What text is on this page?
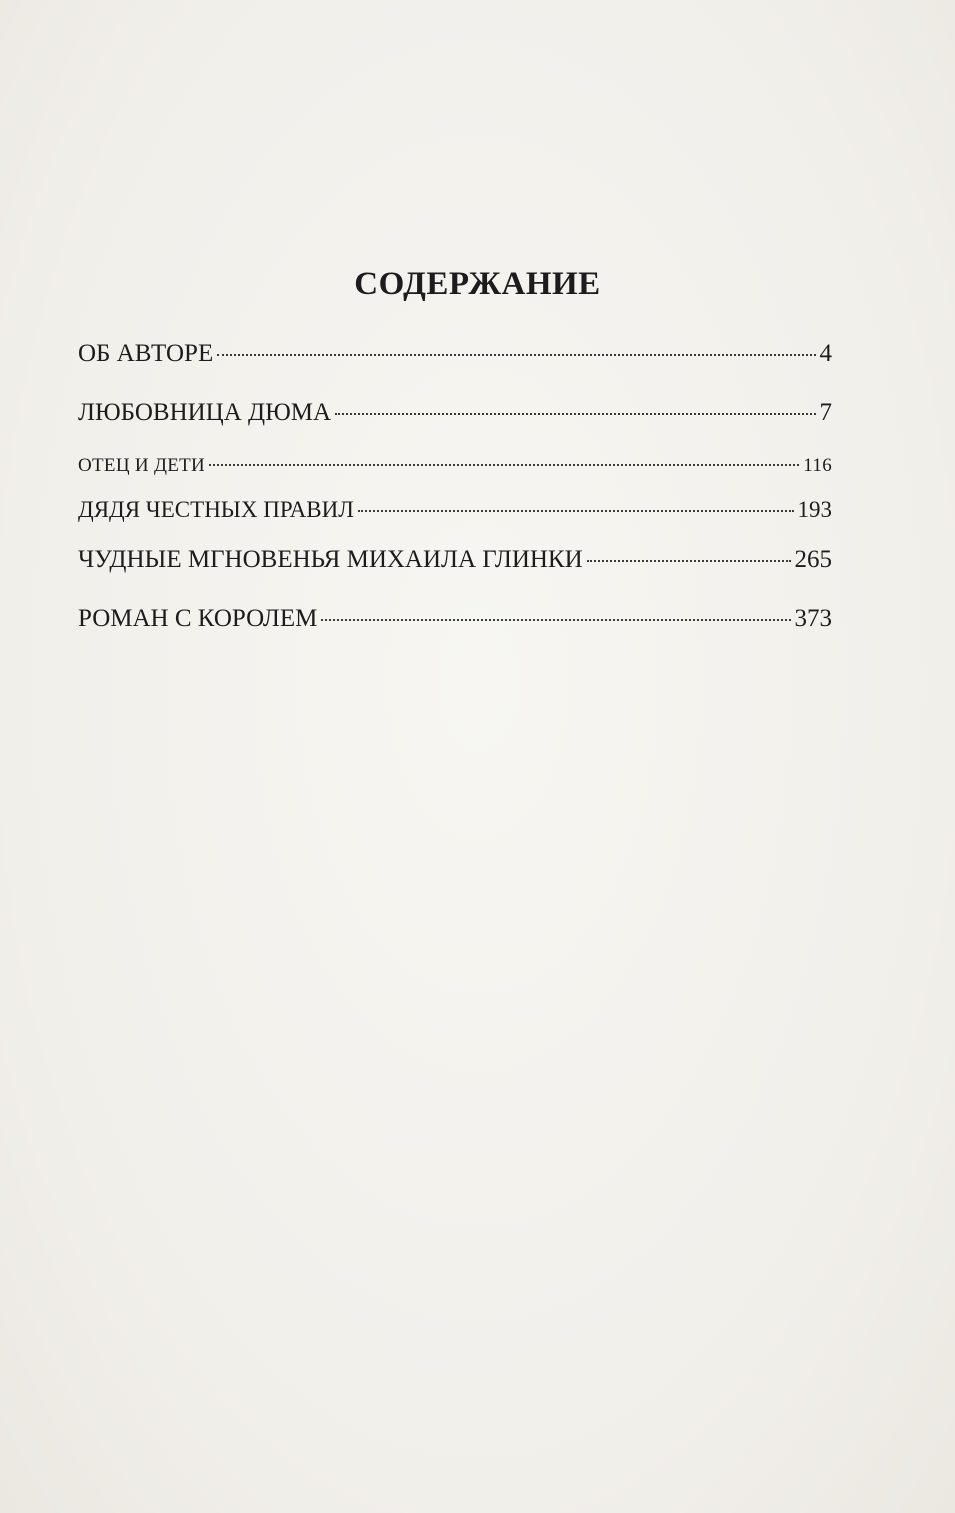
СОДЕРЖАНИЕ
ОБ АВТОРЕ	4
ЛЮБОВНИЦА ДЮМА	7
ОТЕЦ И ДЕТИ	116
ДЯДЯ ЧЕСТНЫХ ПРАВИЛ	193
ЧУДНЫЕ МГНОВЕНЬЯ МИХАИЛА ГЛИНКИ	265
РОМАН С КОРОЛЕМ	373
